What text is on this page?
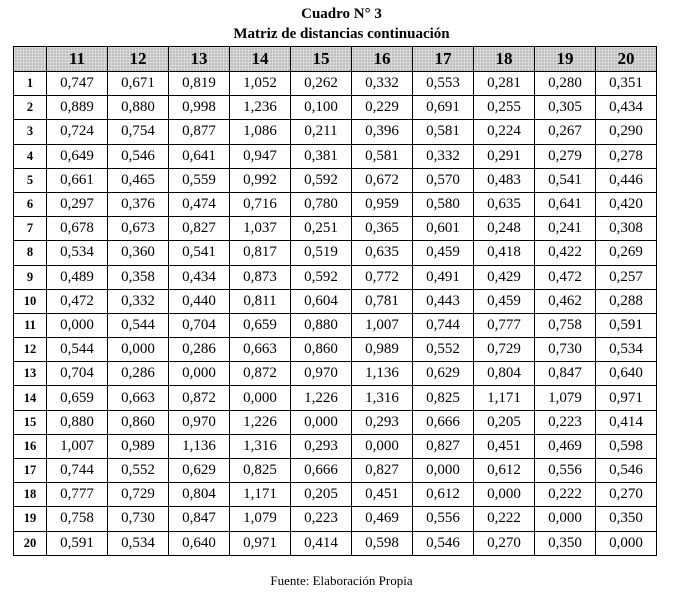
Cuadro N° 3
Matriz de distancias continuación
	11	12	13	14	15	16	17	18	19	20
1	0,747	0,671	0,819	1,052	0,262	0,332	0,553	0,281	0,280	0,351
2	0,889	0,880	0,998	1,236	0,100	0,229	0,691	0,255	0,305	0,434
3	0,724	0,754	0,877	1,086	0,211	0,396	0,581	0,224	0,267	0,290
4	0,649	0,546	0,641	0,947	0,381	0,581	0,332	0,291	0,279	0,278
5	0,661	0,465	0,559	0,992	0,592	0,672	0,570	0,483	0,541	0,446
6	0,297	0,376	0,474	0,716	0,780	0,959	0,580	0,635	0,641	0,420
7	0,678	0,673	0,827	1,037	0,251	0,365	0,601	0,248	0,241	0,308
8	0,534	0,360	0,541	0,817	0,519	0,635	0,459	0,418	0,422	0,269
9	0,489	0,358	0,434	0,873	0,592	0,772	0,491	0,429	0,472	0,257
10	0,472	0,332	0,440	0,811	0,604	0,781	0,443	0,459	0,462	0,288
11	0,000	0,544	0,704	0,659	0,880	1,007	0,744	0,777	0,758	0,591
12	0,544	0,000	0,286	0,663	0,860	0,989	0,552	0,729	0,730	0,534
13	0,704	0,286	0,000	0,872	0,970	1,136	0,629	0,804	0,847	0,640
14	0,659	0,663	0,872	0,000	1,226	1,316	0,825	1,171	1,079	0,971
15	0,880	0,860	0,970	1,226	0,000	0,293	0,666	0,205	0,223	0,414
16	1,007	0,989	1,136	1,316	0,293	0,000	0,827	0,451	0,469	0,598
17	0,744	0,552	0,629	0,825	0,666	0,827	0,000	0,612	0,556	0,546
18	0,777	0,729	0,804	1,171	0,205	0,451	0,612	0,000	0,222	0,270
19	0,758	0,730	0,847	1,079	0,223	0,469	0,556	0,222	0,000	0,350
20	0,591	0,534	0,640	0,971	0,414	0,598	0,546	0,270	0,350	0,000
Fuente: Elaboración Propia
